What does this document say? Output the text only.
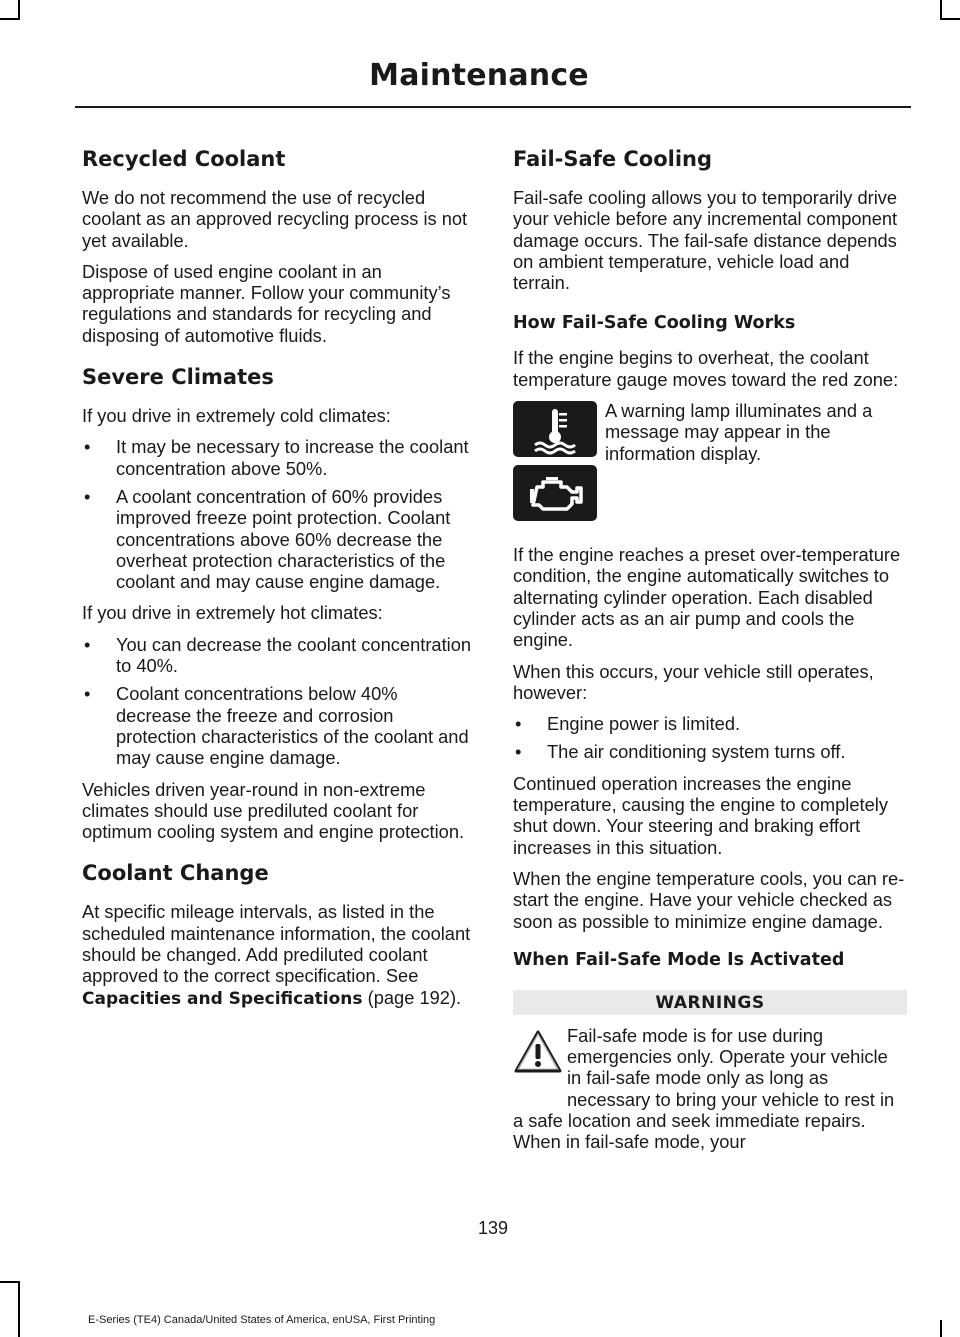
Maintenance
Recycled Coolant

We do not recommend the use of recycled coolant as an approved recycling process is not yet available.

Dispose of used engine coolant in an appropriate manner. Follow your community’s regulations and standards for recycling and disposing of automotive fluids.

Severe Climates

If you drive in extremely cold climates:

• It may be necessary to increase the coolant concentration above 50%.
• A coolant concentration of 60% provides improved freeze point protection. Coolant concentrations above 60% decrease the overheat protection characteristics of the coolant and may cause engine damage.

If you drive in extremely hot climates:

• You can decrease the coolant concentration to 40%.
• Coolant concentrations below 40% decrease the freeze and corrosion protection characteristics of the coolant and may cause engine damage.

Vehicles driven year-round in non-extreme climates should use prediluted coolant for optimum cooling system and engine protection.

Coolant Change

At specific mileage intervals, as listed in the scheduled maintenance information, the coolant should be changed. Add prediluted coolant approved to the correct specification. See Capacities and Specifications (page 192).

Fail-Safe Cooling

Fail-safe cooling allows you to temporarily drive your vehicle before any incremental component damage occurs. The fail-safe distance depends on ambient temperature, vehicle load and terrain.

How Fail-Safe Cooling Works

If the engine begins to overheat, the coolant temperature gauge moves toward the red zone:

A warning lamp illuminates and a message may appear in the information display.

If the engine reaches a preset over-temperature condition, the engine automatically switches to alternating cylinder operation. Each disabled cylinder acts as an air pump and cools the engine.

When this occurs, your vehicle still operates, however:

• Engine power is limited.
• The air conditioning system turns off.

Continued operation increases the engine temperature, causing the engine to completely shut down. Your steering and braking effort increases in this situation.

When the engine temperature cools, you can re-start the engine. Have your vehicle checked as soon as possible to minimize engine damage.

When Fail-Safe Mode Is Activated
WARNINGS

Fail-safe mode is for use during emergencies only. Operate your vehicle in fail-safe mode only as long as necessary to bring your vehicle to rest in a safe location and seek immediate repairs. When in fail-safe mode, your

139
E-Series (TE4) Canada/United States of America, enUSA, First Printing
